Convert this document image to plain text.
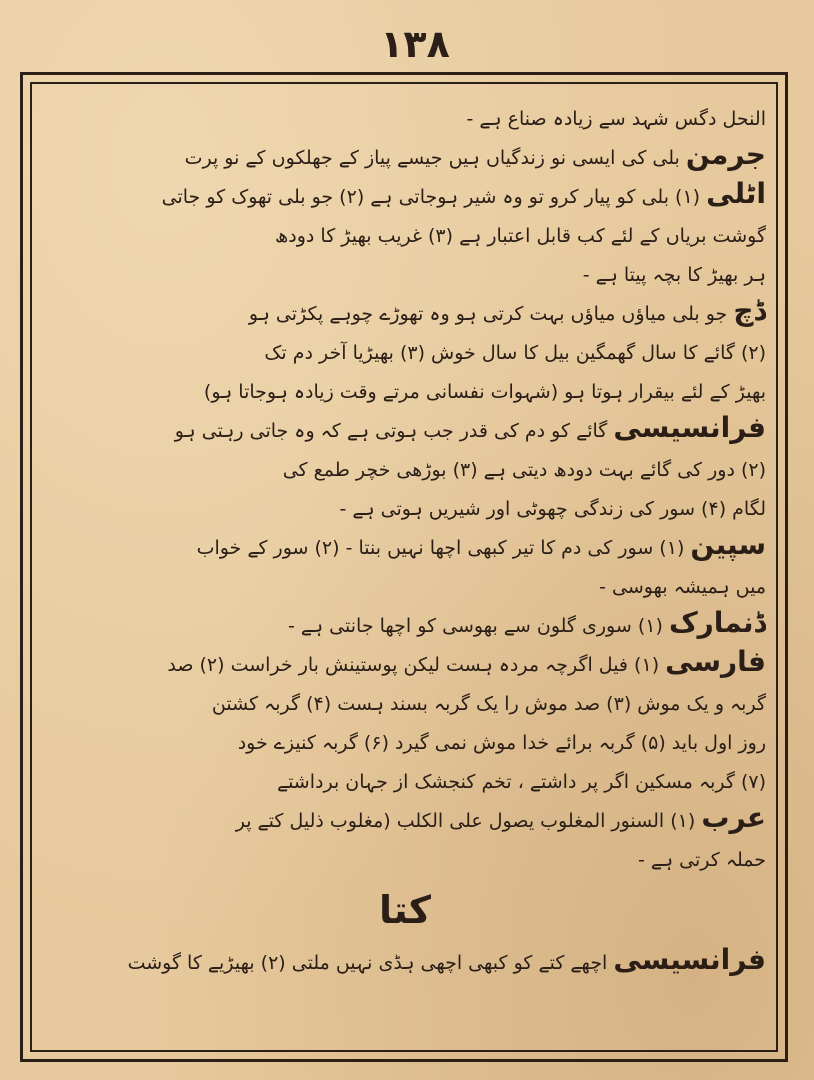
۱۳۸
النحل دگس شہد سے زیادہ صناع ہے -
جرمن بلی کی ایسی نو زندگیاں ہیں جیسے پیاز کے جھلکوں کے نو پرت
اٹلی (۱) بلی کو پیار کرو تو وہ شیر ہوجاتی ہے (۲) جو بلی تھوک کو جاتی
گوشت بریاں کے لئے کب قابل اعتبار ہے (۳) غریب بھیڑ کا دودھ
ہر بھیڑ کا بچہ پیتا ہے -
ڈچ جو بلی میاؤں میاؤں بہت کرتی ہو وہ تھوڑے چوہے پکڑتی ہو
(۲) گائے کا سال گھمگین بیل کا سال خوش (۳) بھیڑیا آخر دم تک
بھیڑ کے لئے بیقرار ہوتا ہو (شہوات نفسانی مرتے وقت زیادہ ہوجاتا ہو)
فرانسیسی گائے کو دم کی قدر جب ہوتی ہے کہ وہ جاتی رہتی ہو
(۲) دور کی گائے بہت دودھ دیتی ہے (۳) بوڑھی خچر طمع کی
لگام (۴) سور کی زندگی چھوٹی اور شیریں ہوتی ہے -
سپین (۱) سور کی دم کا تیر کبھی اچھا نہیں بنتا - (۲) سور کے خواب
میں ہمیشہ بھوسی -
ڈنمارک (۱) سوری گلون سے بھوسی کو اچھا جانتی ہے -
فارسی (۱) فیل اگرچہ مردہ ہست لیکن پوستینش بار خراست (۲) صد
گربہ و یک موش (۳) صد موش را یک گربہ بسند ہست (۴) گربہ کشتن
روز اول باید (۵) گربہ برائے خدا موش نمی گیرد (۶) گربہ کنیزے خود
(۷) گربہ مسکین اگر پر داشتے ، تخم کنجشک از جہان برداشتے
عرب (۱) السنور المغلوب یصول علی الکلب (مغلوب ذلیل کتے پر
حملہ کرتی ہے -
کتا
فرانسیسی اچھے کتے کو کبھی اچھی ہڈی نہیں ملتی (۲) بھیڑیے کا گوشت
